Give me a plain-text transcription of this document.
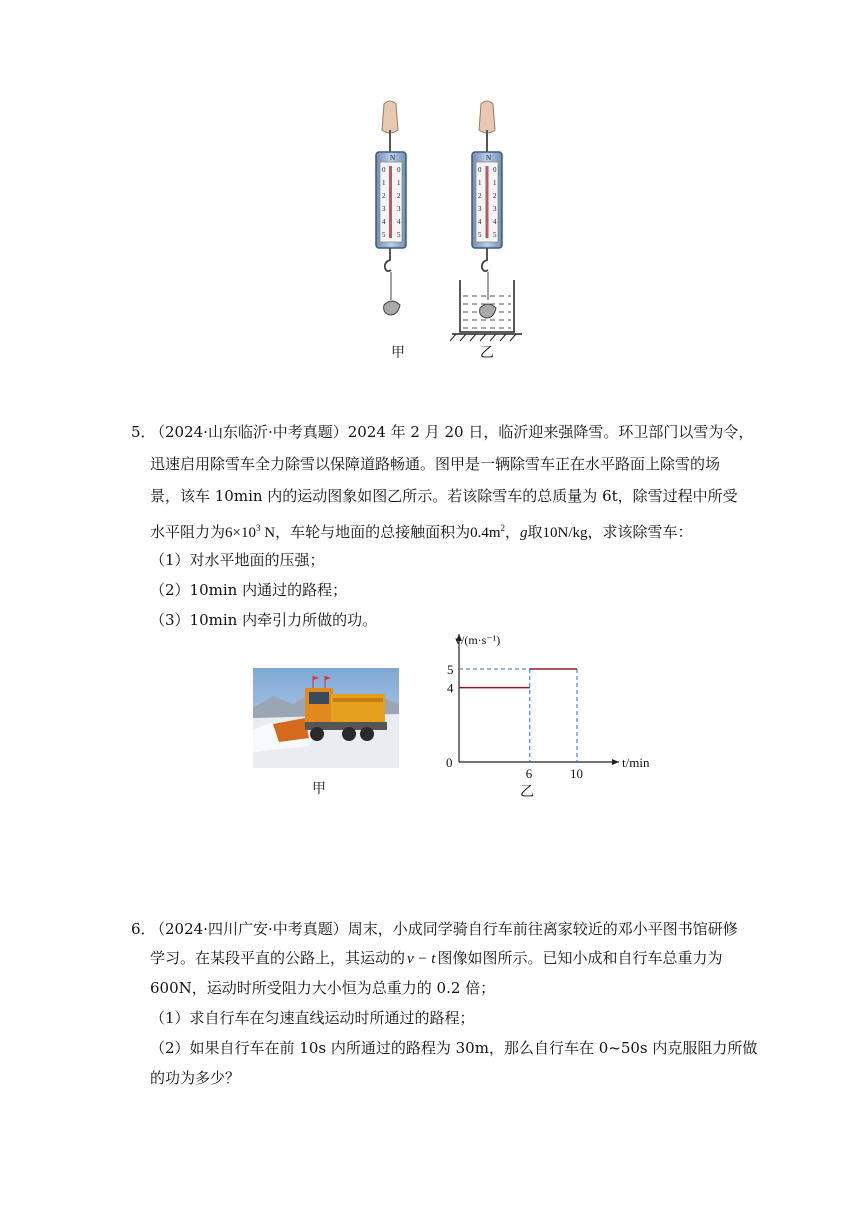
N
0 0
1 1
2 2
3 3
4 4
5 5
N
0 0
1 1
2 2
3 3
4 4
5 5
甲	乙
5．
（2024·山东临沂·中考真题）2024 年 2 月 20 日，临沂迎来强降雪。环卫部门以雪为令，
迅速启用除雪车全力除雪以保障道路畅通。图甲是一辆除雪车正在水平路面上除雪的场
景，该车 10min 内的运动图象如图乙所示。若该除雪车的总质量为 6t，除雪过程中所受
水平阻力为$6\times 10^3$ N，车轮与地面的总接触面积为$0.4m^2$，g取10N/kg，求该除雪车：
（1）对水平地面的压强；
（2）10min 内通过的路程；
（3）10min 内牵引力所做的功。
甲
4
5
6	10
0
v/(m·s⁻¹)
t/min
乙
6．
（2024·四川广安·中考真题）周末，小成同学骑自行车前往离家较近的邓小平图书馆研修
学习。在某段平直的公路上，其运动的 v − t 图像如图所示。已知小成和自行车总重力为
600N，运动时所受阻力大小恒为总重力的 0.2 倍；
（1）求自行车在匀速直线运动时所通过的路程；
（2）如果自行车在前 10s 内所通过的路程为 30m，那么自行车在 0~50s 内克服阻力所做
的功为多少？
